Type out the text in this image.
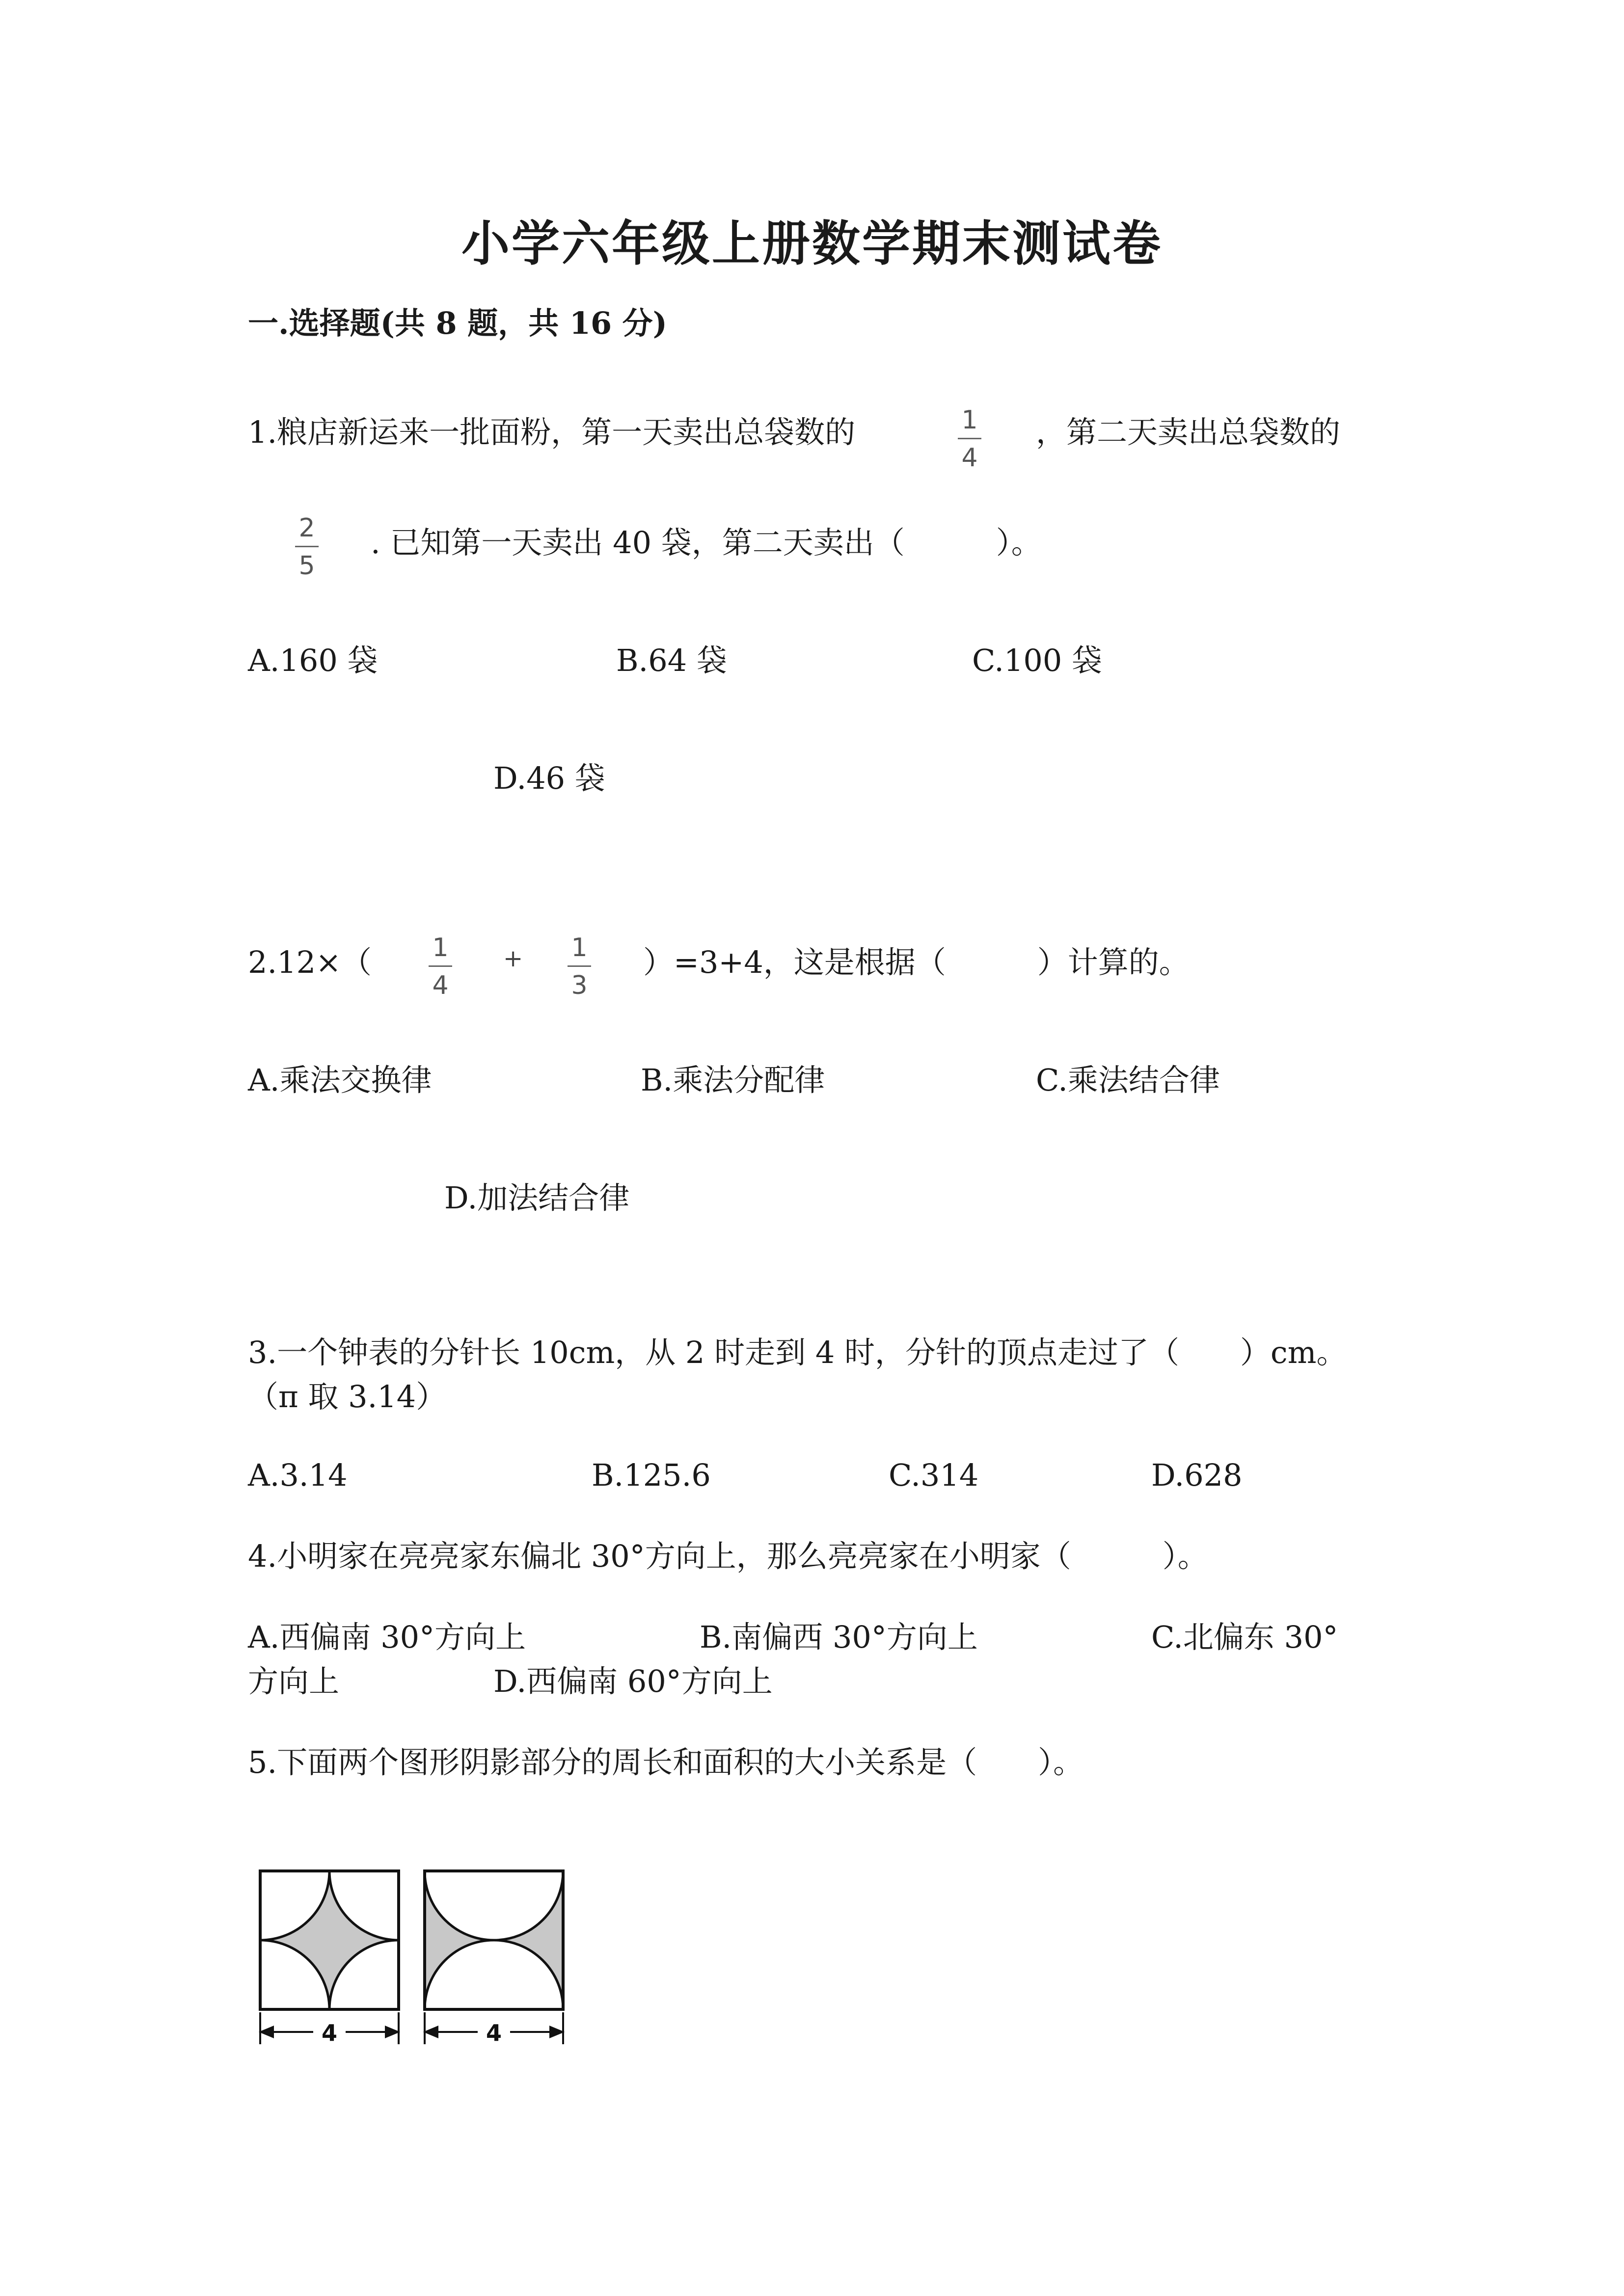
小学六年级上册数学期末测试卷
一.选择题(共 8 题，共 16 分)
1.粮店新运来一批面粉，第一天卖出总袋数的	1
4
，第二天卖出总袋数的
2
5
. 已知第一天卖出 40 袋，第二天卖出（　　　）。
A.160 袋	B.64 袋	C.100 袋
D.46 袋
2.12×（ 1
4
+ 1
3
）=3+4，这是根据（　　　）计算的。
A.乘法交换律	B.乘法分配律	C.乘法结合律
D.加法结合律
3.一个钟表的分针长 10cm，从 2 时走到 4 时，分针的顶点走过了（　　）cm。
（π 取 3.14）
A.3.14	B.125.6	C.314	D.628
4.小明家在亮亮家东偏北 30°方向上，那么亮亮家在小明家（　　　）。
A.西偏南 30°方向上	B.南偏西 30°方向上	C.北偏东 30°
方向上	D.西偏南 60°方向上
5.下面两个图形阴影部分的周长和面积的大小关系是（　　）。
4	4
